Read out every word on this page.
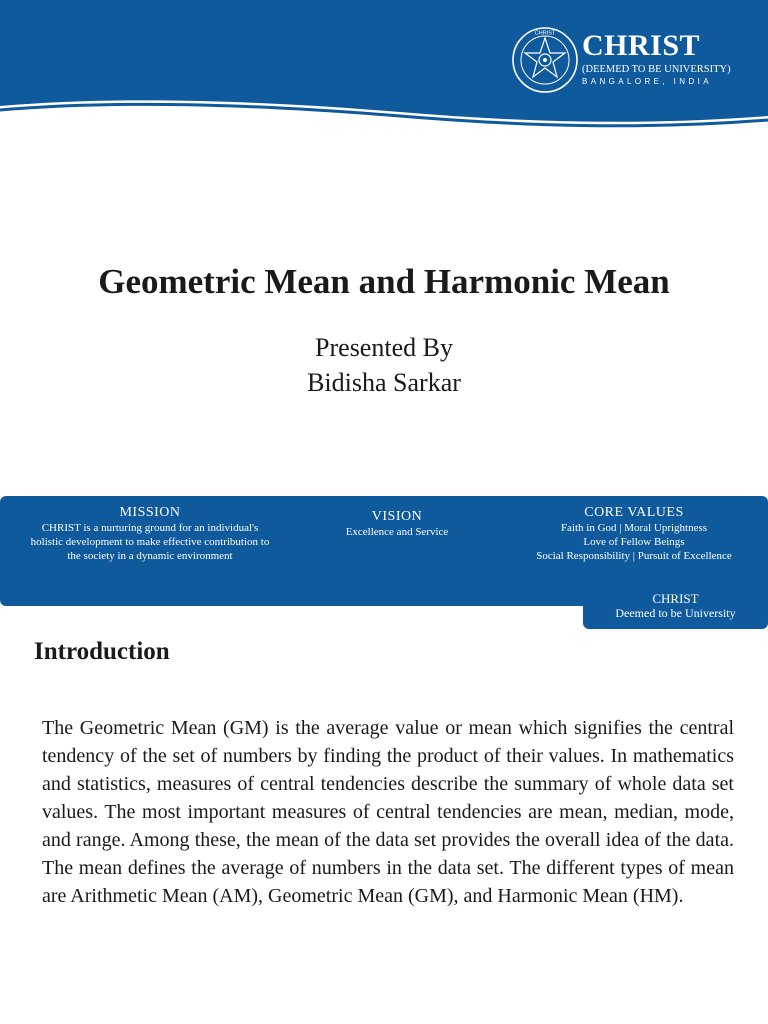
CHRIST CHRIST
(DEEMED TO BE UNIVERSITY)
BANGALORE, INDIA
Geometric Mean and Harmonic Mean
Presented By
Bidisha Sarkar
MISSION
CHRIST is a nurturing ground for an individual's
holistic development to make effective contribution to
the society in a dynamic environment
VISION
Excellence and Service
CORE VALUES
Faith in God | Moral Uprightness
Love of Fellow Beings
Social Responsibility | Pursuit of Excellence
CHRIST
Deemed to be University
Introduction
The Geometric Mean (GM) is the average value or mean which signifies the central tendency of the set of numbers by finding the product of their values. In mathematics and statistics, measures of central tendencies describe the summary of whole data set values. The most important measures of central tendencies are mean, median, mode, and range. Among these, the mean of the data set provides the overall idea of the data. The mean defines the average of numbers in the data set. The different types of mean are Arithmetic Mean (AM), Geometric Mean (GM), and Harmonic Mean (HM).
